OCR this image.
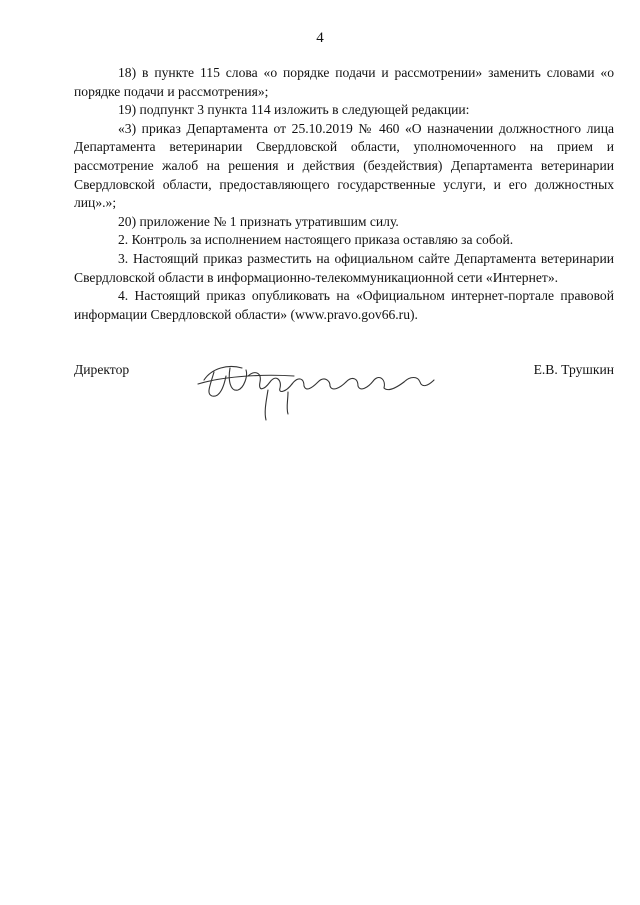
4

18) в пункте 115 слова «о порядке подачи и рассмотрении» заменить словами «о порядке подачи и рассмотрения»;

19) подпункт 3 пункта 114 изложить в следующей редакции:

«3) приказ Департамента от 25.10.2019 № 460 «О назначении должностного лица Департамента ветеринарии Свердловской области, уполномоченного на прием и рассмотрение жалоб на решения и действия (бездействия) Департамента ветеринарии Свердловской области, предоставляющего государственные услуги, и его должностных лиц».»;

20) приложение № 1 признать утратившим силу.

2. Контроль за исполнением настоящего приказа оставляю за собой.

3. Настоящий приказ разместить на официальном сайте Департамента ветеринарии Свердловской области в информационно-телекоммуникационной сети «Интернет».

4. Настоящий приказ опубликовать на «Официальном интернет-портале правовой информации Свердловской области» (www.pravo.gov66.ru).

Директор	Е.В. Трушкин
